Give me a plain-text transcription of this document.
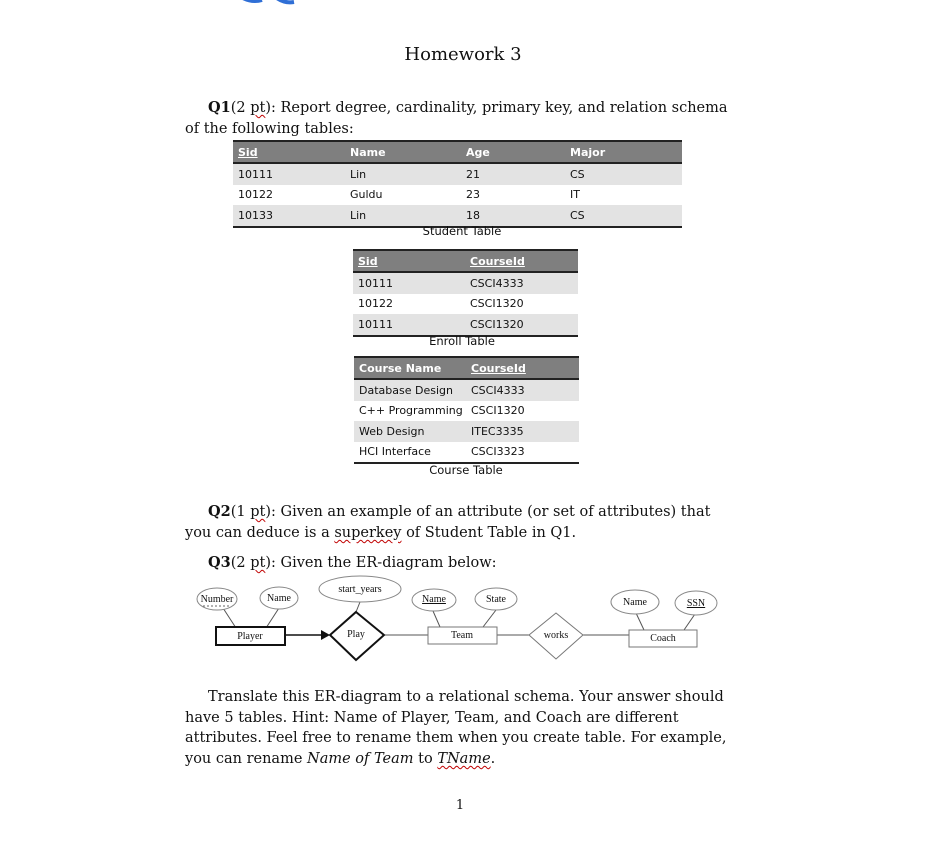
Homework 3
Q1(2 pt): Report degree, cardinality, primary key, and relation schema of the following tables:
Sid	Name	Age	Major
10111	Lin	21	CS
10122	Guldu	23	IT
10133	Lin	18	CS
Student Table
Sid	CourseId
10111	CSCI4333
10122	CSCI1320
10111	CSCI1320
Enroll Table
Course Name	CourseId
Database Design	CSCI4333
C++ Programming	CSCI1320
Web Design	ITEC3335
HCI Interface	CSCI3323
Course Table
Q2(1 pt): Given an example of an attribute (or set of attributes) that you can deduce is a superkey of Student Table in Q1.
Q3(2 pt): Given the ER-diagram below:
Number	Name
start_years
Name	State	Name	SSN
Player	Play	Team	works	Coach
Translate this ER-diagram to a relational schema. Your answer should have 5 tables. Hint: Name of Player, Team, and Coach are different attributes. Feel free to rename them when you create table. For example, you can rename Name of Team to TName.
1
